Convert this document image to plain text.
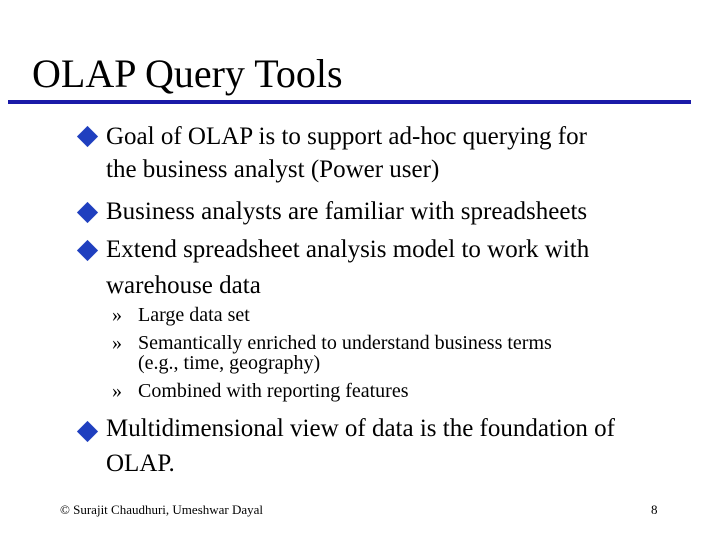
OLAP Query Tools
Goal of OLAP is to support ad-hoc querying for
the business analyst (Power user)
Business analysts are familiar with spreadsheets
Extend spreadsheet analysis model to work with
warehouse data
» Large data set
» Semantically enriched to understand business terms
(e.g., time, geography)
» Combined with reporting features
Multidimensional view of data is the foundation of
OLAP.
© Surajit Chaudhuri, Umeshwar Dayal	8
